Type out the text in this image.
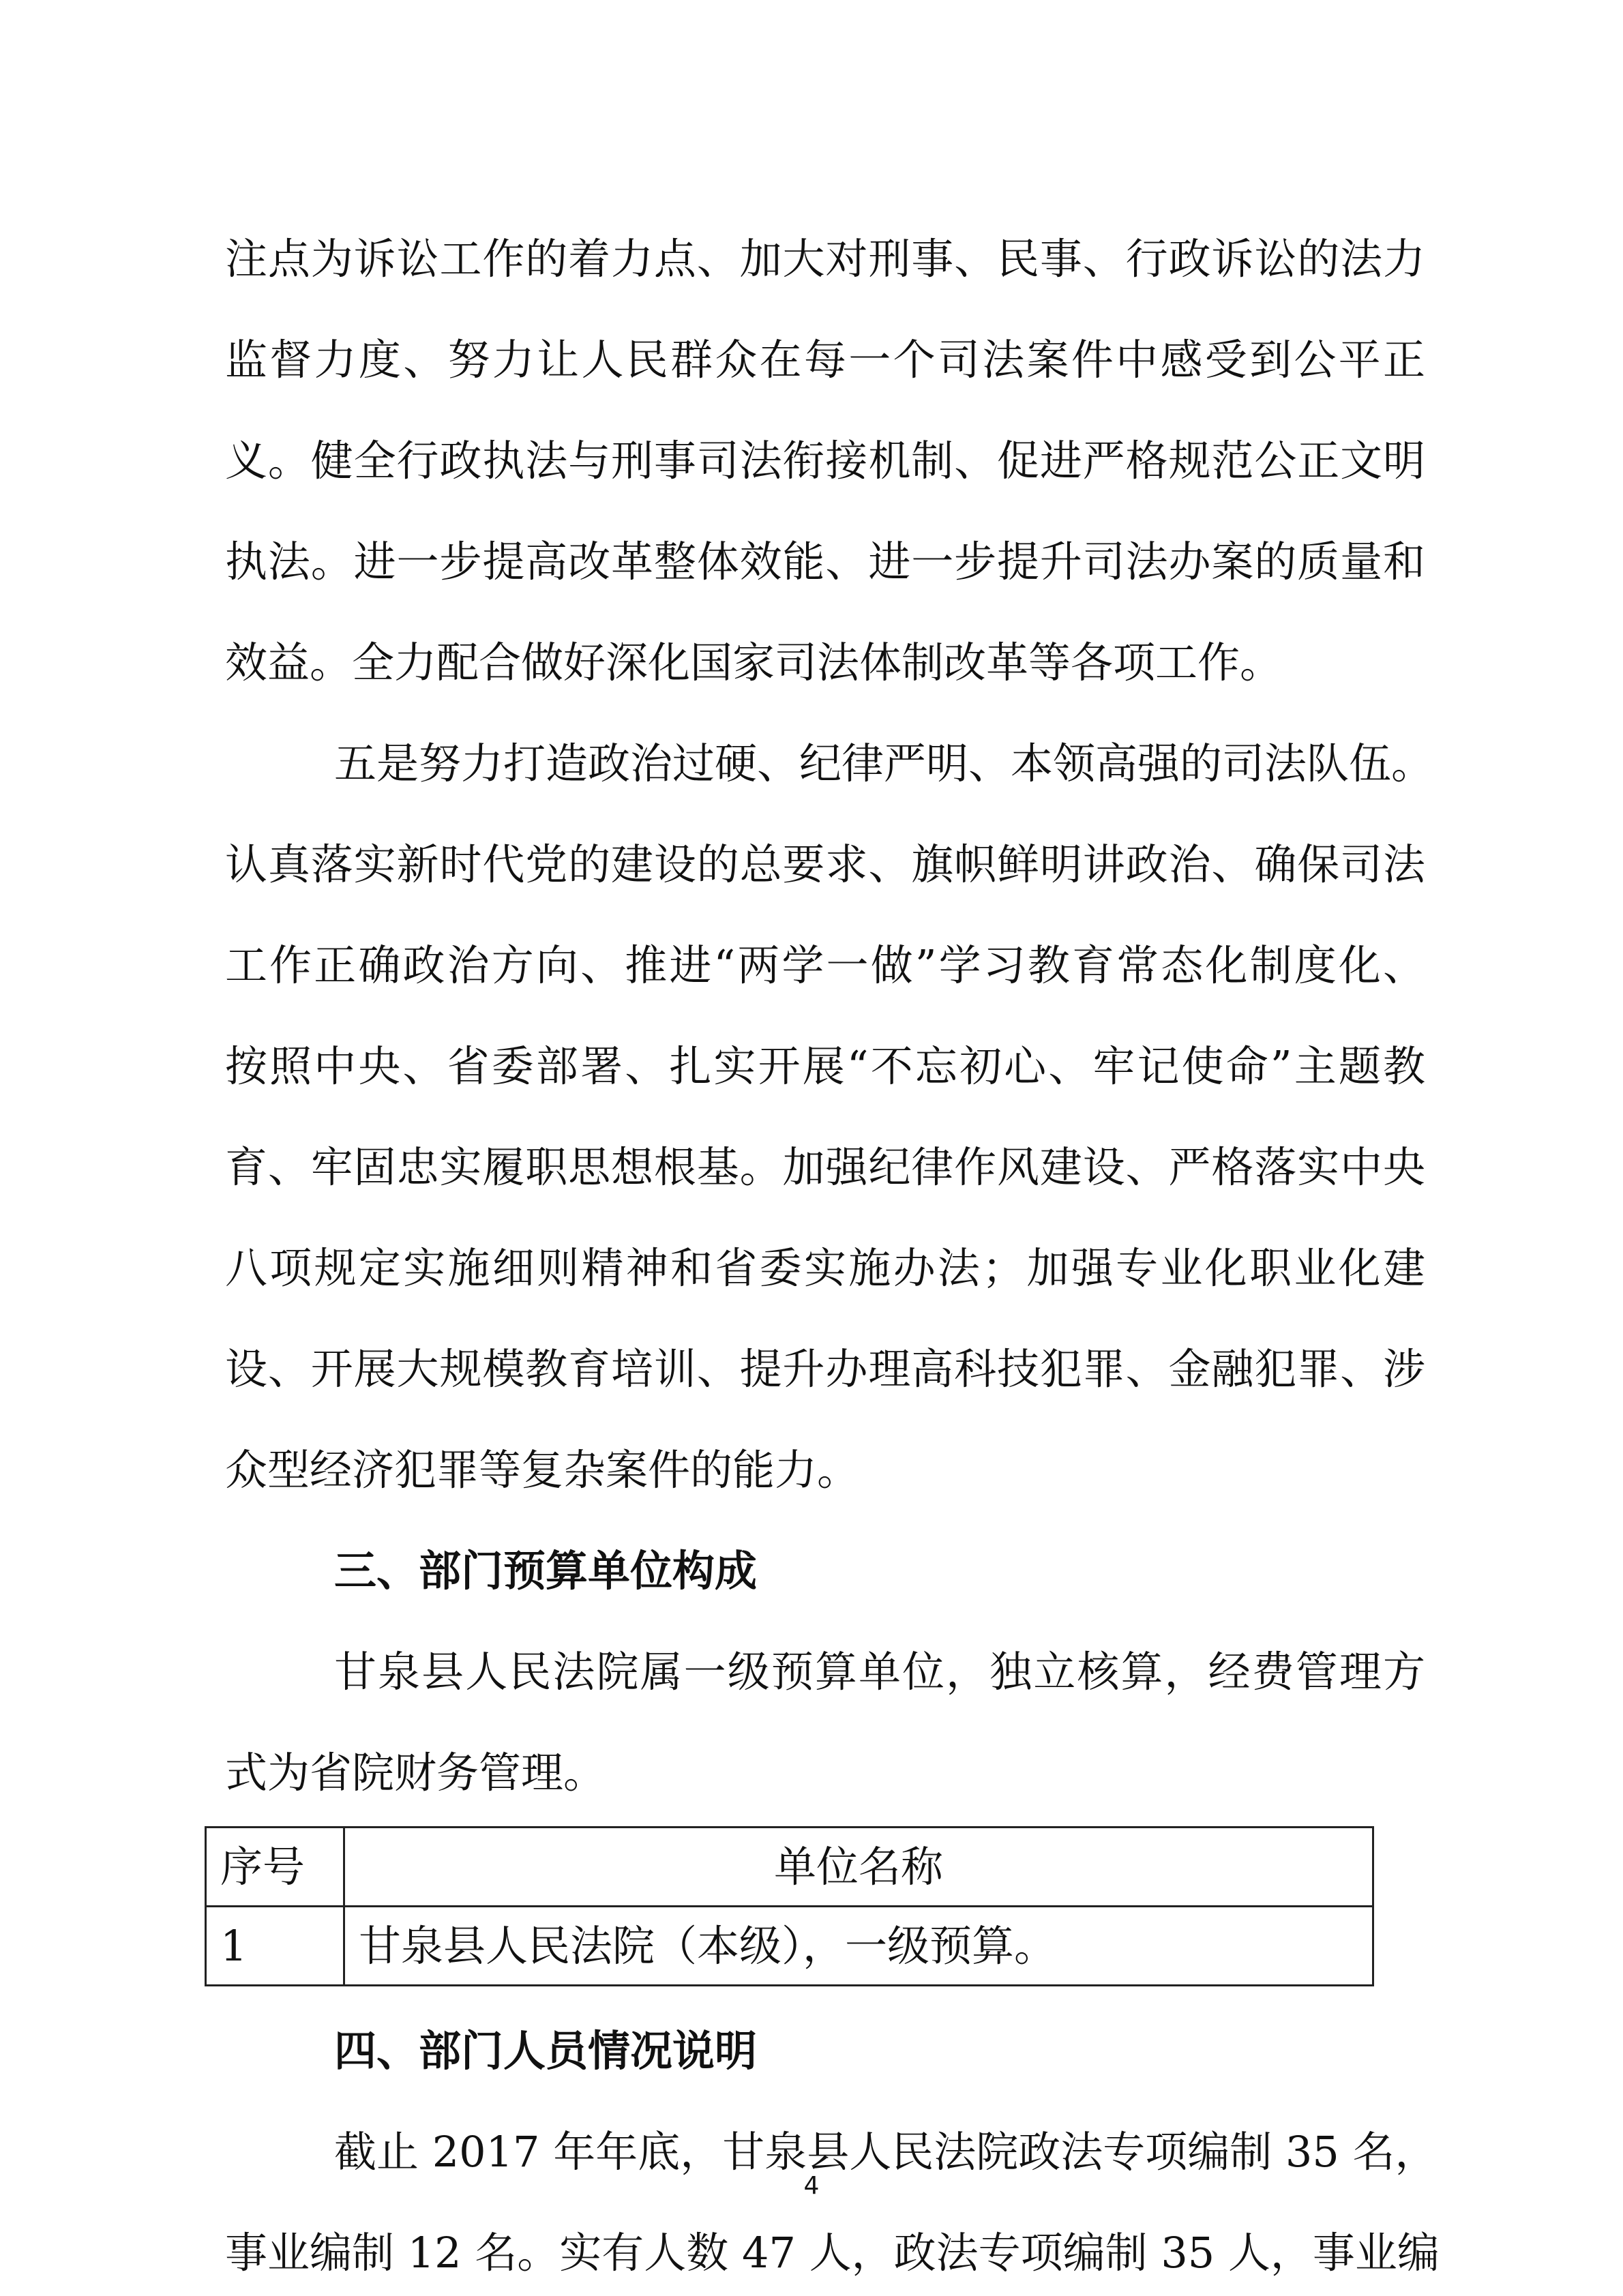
注点为诉讼工作的着力点、加大对刑事、民事、行政诉讼的法力
监督力度、努力让人民群众在每一个司法案件中感受到公平正
义。健全行政执法与刑事司法衔接机制、促进严格规范公正文明
执法。进一步提高改革整体效能、进一步提升司法办案的质量和
效益。全力配合做好深化国家司法体制改革等各项工作。
五是努力打造政治过硬、纪律严明、本领高强的司法队伍。
认真落实新时代党的建设的总要求、旗帜鲜明讲政治、确保司法
工作正确政治方向、推进“两学一做”学习教育常态化制度化、
按照中央、省委部署、扎实开展“不忘初心、牢记使命”主题教
育、牢固忠实履职思想根基。加强纪律作风建设、严格落实中央
八项规定实施细则精神和省委实施办法；加强专业化职业化建
设、开展大规模教育培训、提升办理高科技犯罪、金融犯罪、涉
众型经济犯罪等复杂案件的能力。
三、部门预算单位构成
甘泉县人民法院属一级预算单位，独立核算，经费管理方
式为省院财务管理。
序号	单位名称
1	甘泉县人民法院（本级），一级预算。
四、部门人员情况说明
截止 2017 年年底，甘泉县人民法院政法专项编制 35 名，
事业编制 12 名。实有人数 47 人，政法专项编制 35 人，事业编
4
